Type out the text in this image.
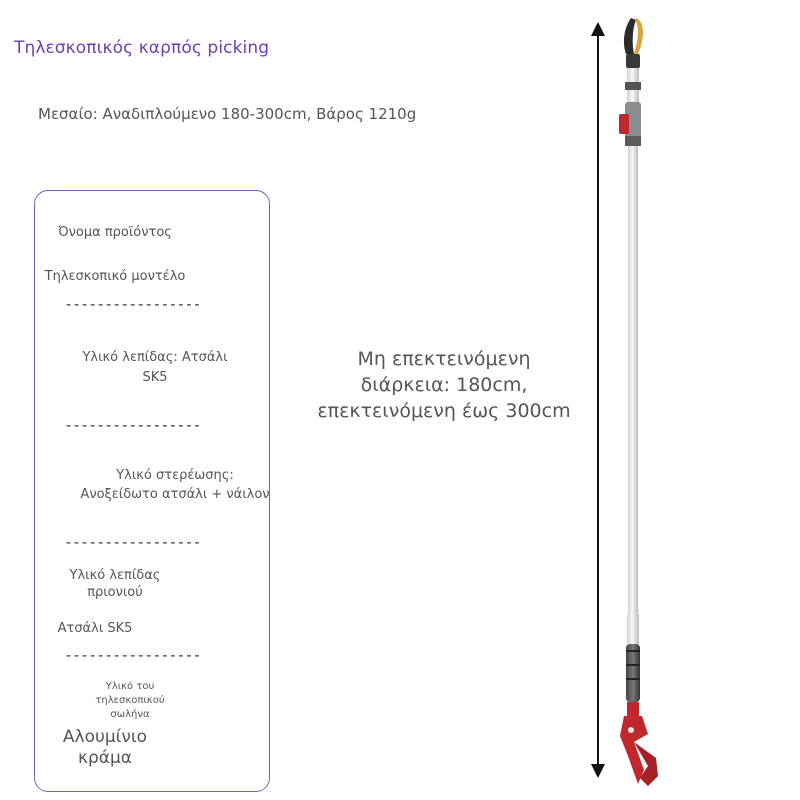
Τηλεσκοπικός καρπός picking
Μεσαίο: Αναδιπλούμενο 180-300cm, Βάρος 1210g
Όνομα προϊόντος
Τηλεσκοπικό μοντέλο
-----------------
Υλικό λεπίδας: Ατσάλι
SK5
-----------------
Υλικό στερέωσης:
Ανοξείδωτο ατσάλι + νάιλον
-----------------
Υλικό λεπίδας
πριονιού
Ατσάλι SK5
-----------------
Υλικό του
τηλεσκοπικού
σωλήνα
Αλουμίνιο
κράμα
Μη επεκτεινόμενη
διάρκεια: 180cm,
επεκτεινόμενη έως 300cm
